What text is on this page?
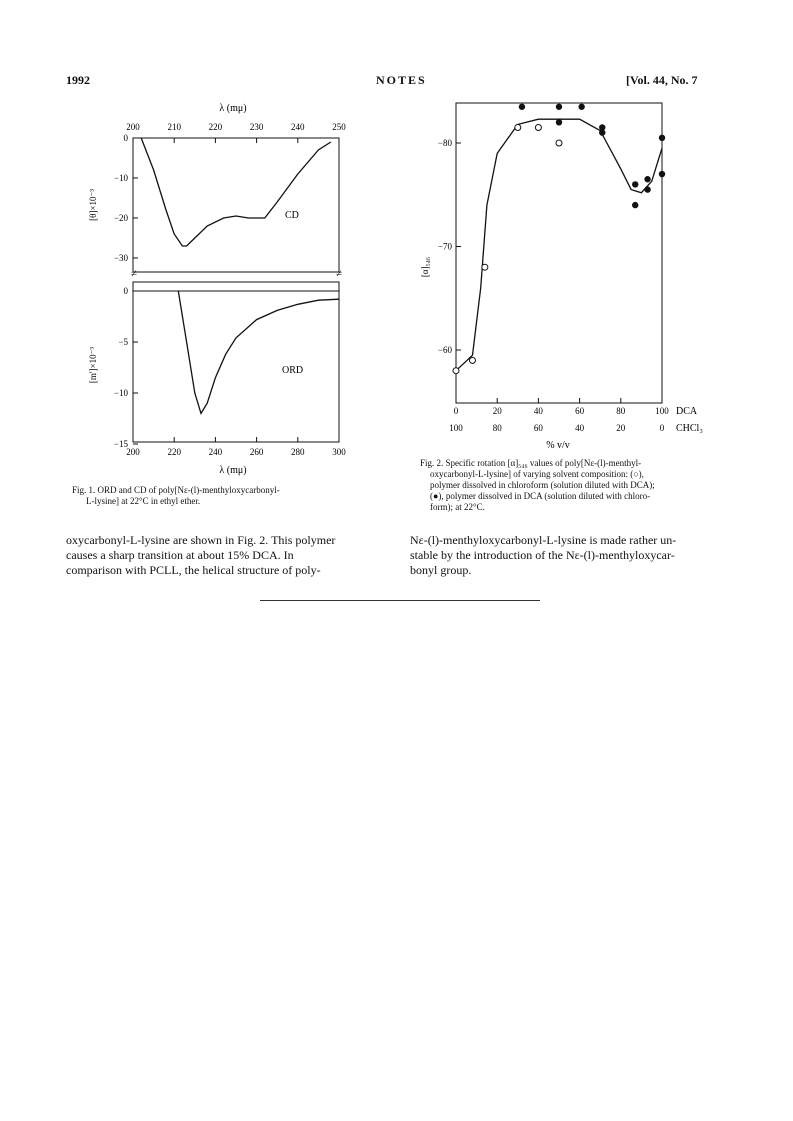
1992	NOTES	[Vol. 44, No. 7
λ (mμ)
200	210	220	230	240	250
0
−10
−20
−30
CD
[θ]×10⁻³
≠	≠
0
−5
−10
−15
ORD
[m']×10⁻³
200	220	240	260	280	300
λ (mμ)
Fig. 1. ORD and CD of poly[Nε-(l)-menthyloxycarbonyl-
L-lysine] at 22°C in ethyl ether.
−80
−70
−60
[α]₅₄₆
0
100
20
80
40
60
60
40
80
20
100
0
DCA
CHCl₃
% v/v
Fig. 2. Specific rotation [α]₅₄₆ values of poly[Nε-(l)-menthyl-
oxycarbonyl-L-lysine] of varying solvent composition: (○),
polymer dissolved in chloroform (solution diluted with DCA);
(●), polymer dissolved in DCA (solution diluted with chloro-
form); at 22°C.
oxycarbonyl-L-lysine are shown in Fig. 2. This polymer
causes a sharp transition at about 15% DCA. In
comparison with PCLL, the helical structure of poly-
Nε-(l)-menthyloxycarbonyl-L-lysine is made rather un-
stable by the introduction of the Nε-(l)-menthyloxycar-
bonyl group.
